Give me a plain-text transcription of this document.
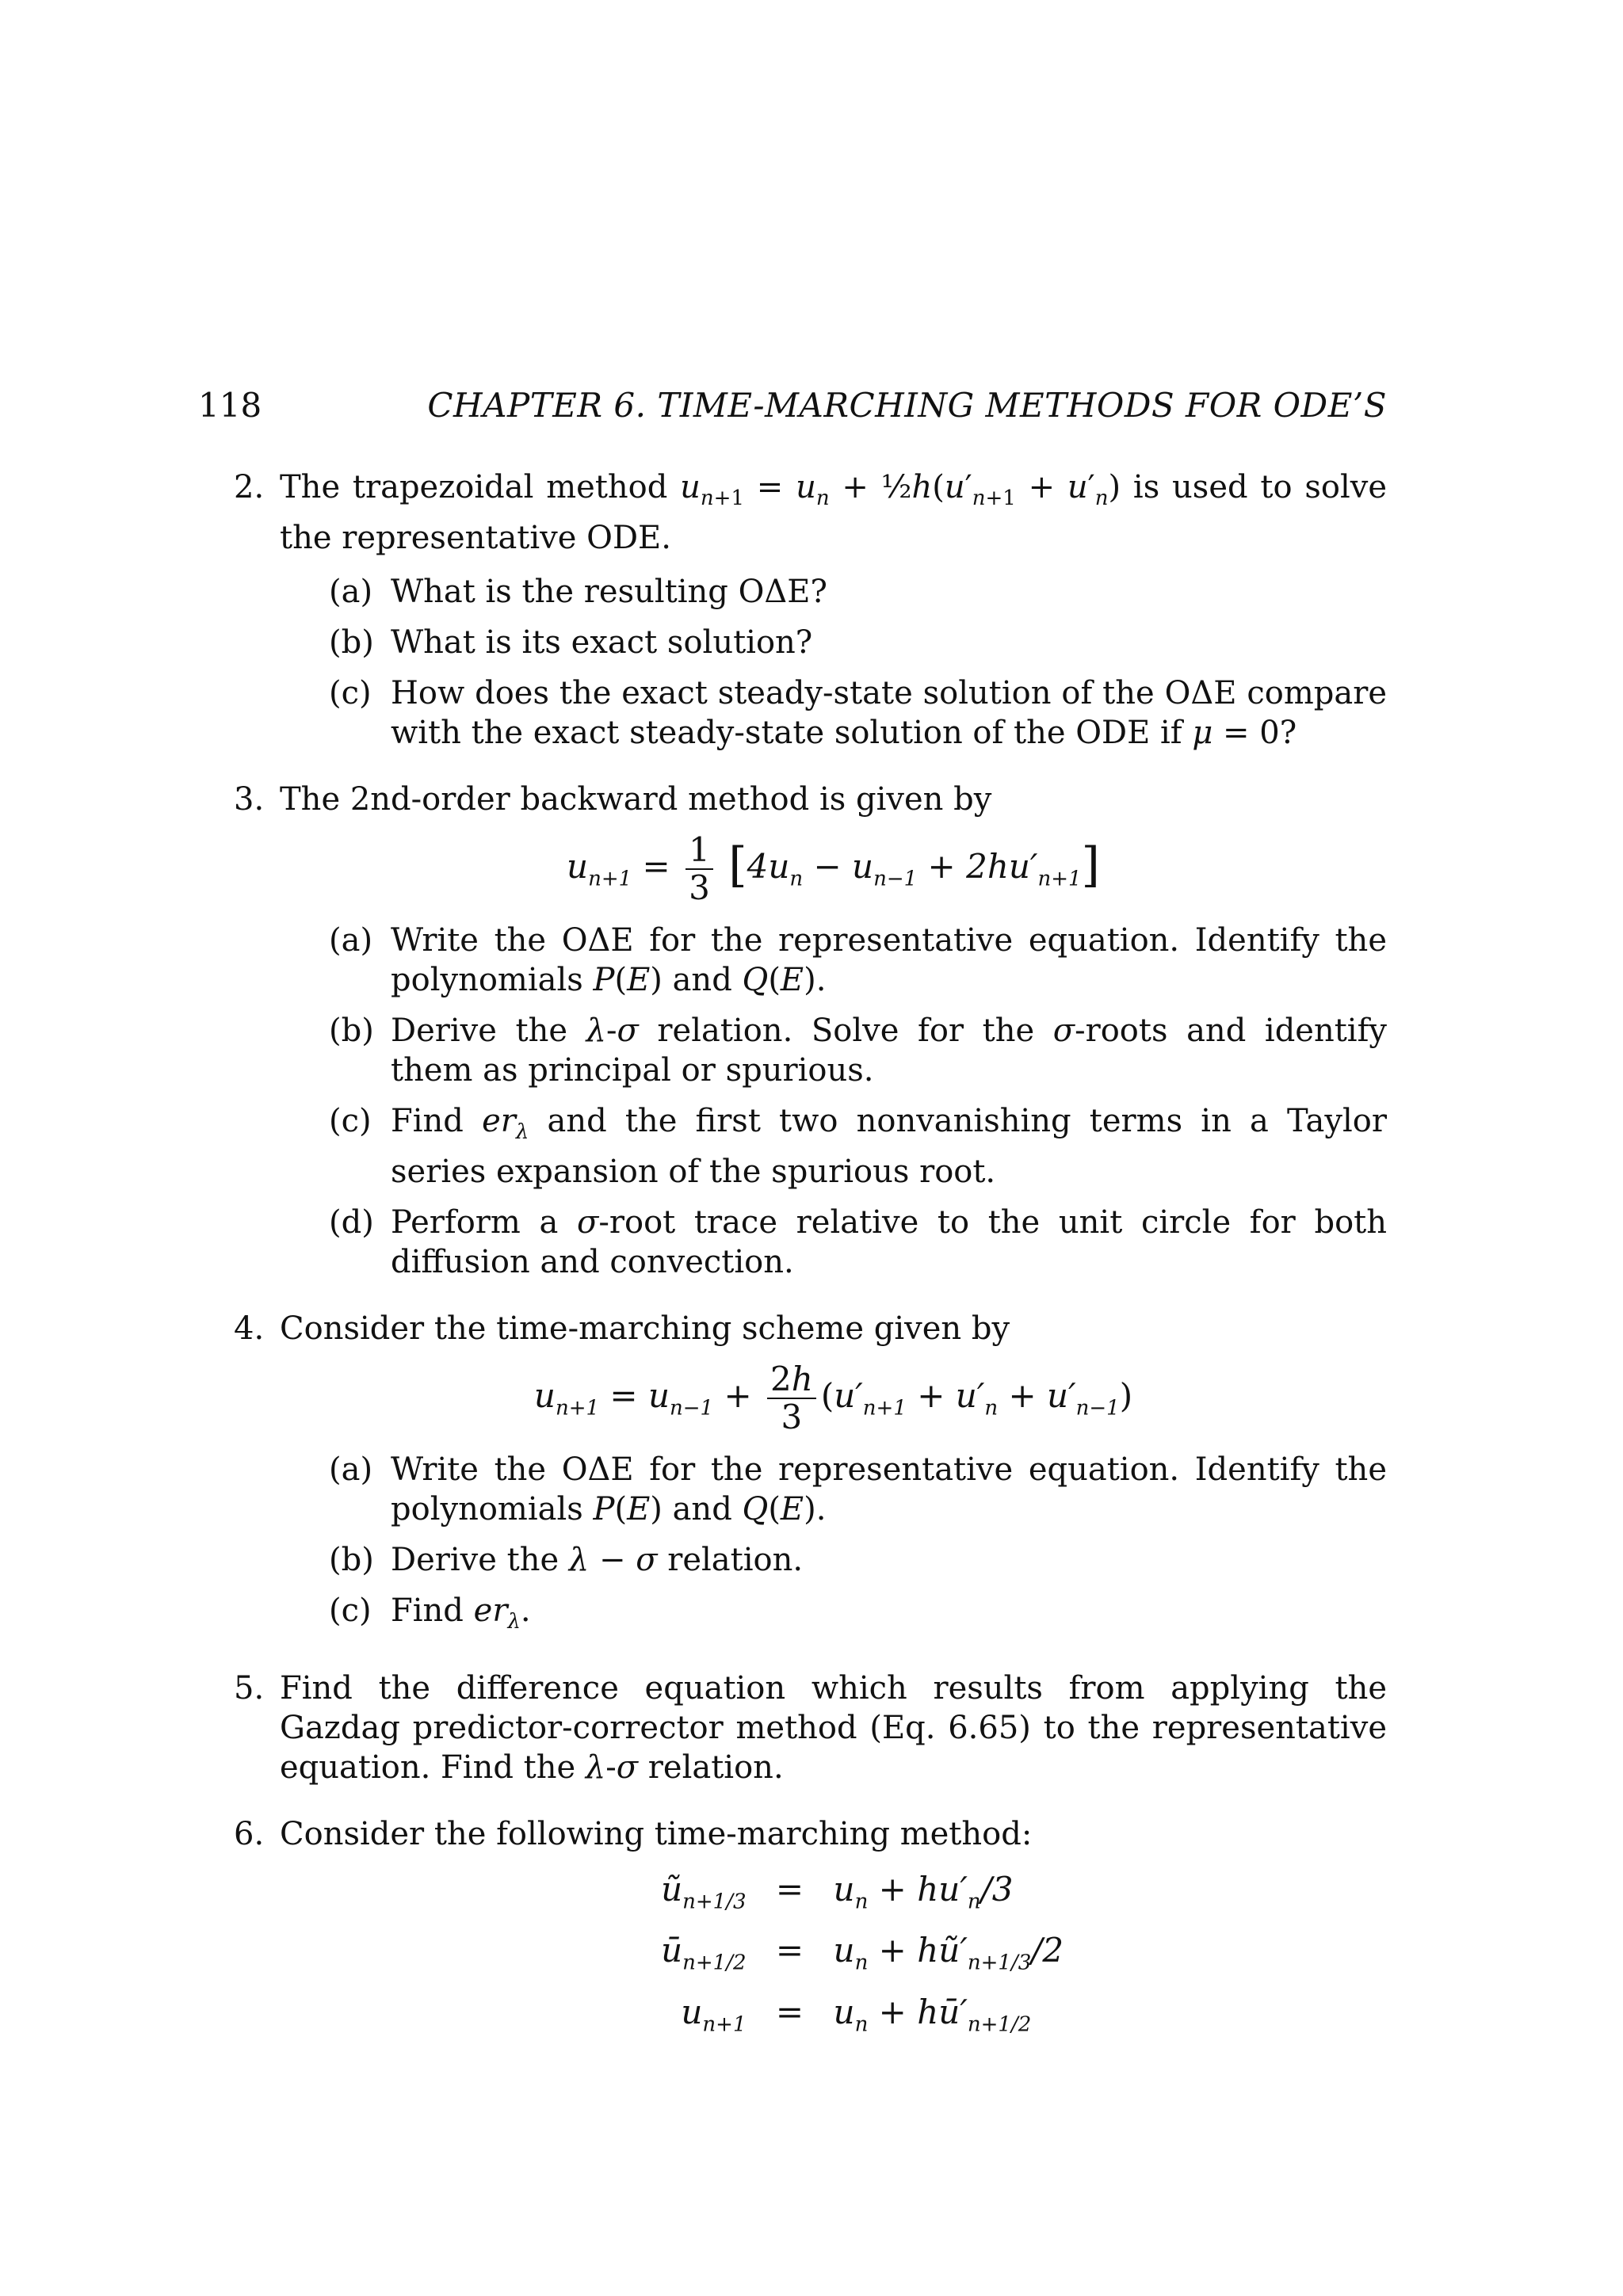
118	CHAPTER 6. TIME-MARCHING METHODS FOR ODE’S
2. The trapezoidal method $u_{n+1} = u_n$ + $\frac{1}{2}h(u'_{n+1} + u'_n)$ is used to solve the representative ODE.
(a) What is the resulting OΔE?
(b) What is its exact solution?
(c) How does the exact steady-state solution of the OΔE compare with the exact steady-state solution of the ODE if μ = 0?
3. The 2nd-order backward method is given by
$u_{n+1} = \frac{1}{3} [4u_n - u_{n-1} + 2hu'_{n+1}]$
(a) Write the OΔE for the representative equation. Identify the polynomials P(E) and Q(E).
(b) Derive the λ-σ relation. Solve for the σ-roots and identify them as principal or spurious.
(c) Find $er_\lambda$ and the first two nonvanishing terms in a Taylor series expansion of the spurious root.
(d) Perform a σ-root trace relative to the unit circle for both diffusion and convection.
4. Consider the time-marching scheme given by
$u_{n+1} = u_{n-1} + \frac{2h}{3} (u'_{n+1} + u'_n + u'_{n-1})$
(a) Write the OΔE for the representative equation. Identify the polynomials P(E) and Q(E).
(b) Derive the λ − σ relation.
(c) Find $er_\lambda$.
5. Find the difference equation which results from applying the Gazdag predictor-corrector method (Eq. 6.65) to the representative equation. Find the λ-σ relation.
6. Consider the following time-marching method:
$ũ_{n+1/3} = u_n + hu'_n/3$
$ū_{n+1/2} = u_n$ + $hũ'_{n+1/3}/2$
$u_{n+1} = u_n$ + $hū'_{n+1/2}$
